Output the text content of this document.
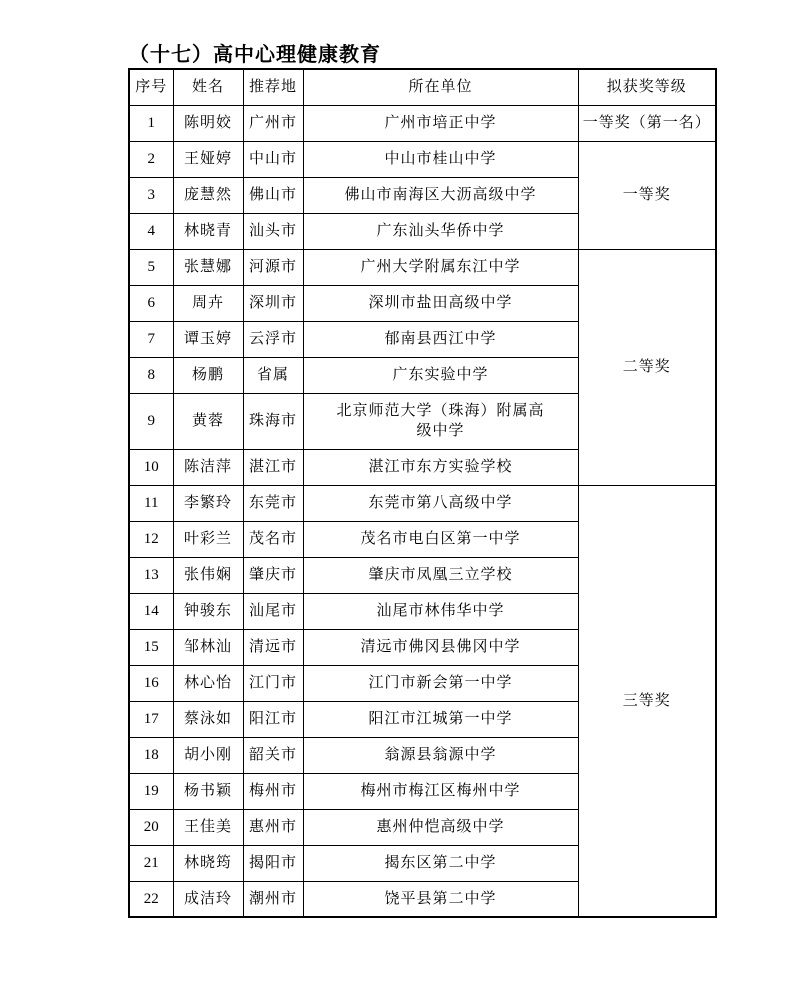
（十七）高中心理健康教育
序号	姓名	推荐地	所在单位	拟获奖等级
1	陈明姣	广州市	广州市培正中学	一等奖（第一名）
2	王娅婷	中山市	中山市桂山中学	一等奖
3	庞慧然	佛山市	佛山市南海区大沥高级中学	
4	林晓青	汕头市	广东汕头华侨中学	
5	张慧娜	河源市	广州大学附属东江中学	二等奖
6	周卉	深圳市	深圳市盐田高级中学	
7	谭玉婷	云浮市	郁南县西江中学	
8	杨鹏	省属	广东实验中学	
9	黄蓉	珠海市	北京师范大学（珠海）附属高级中学	
10	陈洁萍	湛江市	湛江市东方实验学校	
11	李繁玲	东莞市	东莞市第八高级中学	三等奖
12	叶彩兰	茂名市	茂名市电白区第一中学	
13	张伟娴	肇庆市	肇庆市凤凰三立学校	
14	钟骏东	汕尾市	汕尾市林伟华中学	
15	邹林汕	清远市	清远市佛冈县佛冈中学	
16	林心怡	江门市	江门市新会第一中学	
17	蔡泳如	阳江市	阳江市江城第一中学	
18	胡小刚	韶关市	翁源县翁源中学	
19	杨书颖	梅州市	梅州市梅江区梅州中学	
20	王佳美	惠州市	惠州仲恺高级中学	
21	林晓筠	揭阳市	揭东区第二中学	
22	成洁玲	潮州市	饶平县第二中学	
